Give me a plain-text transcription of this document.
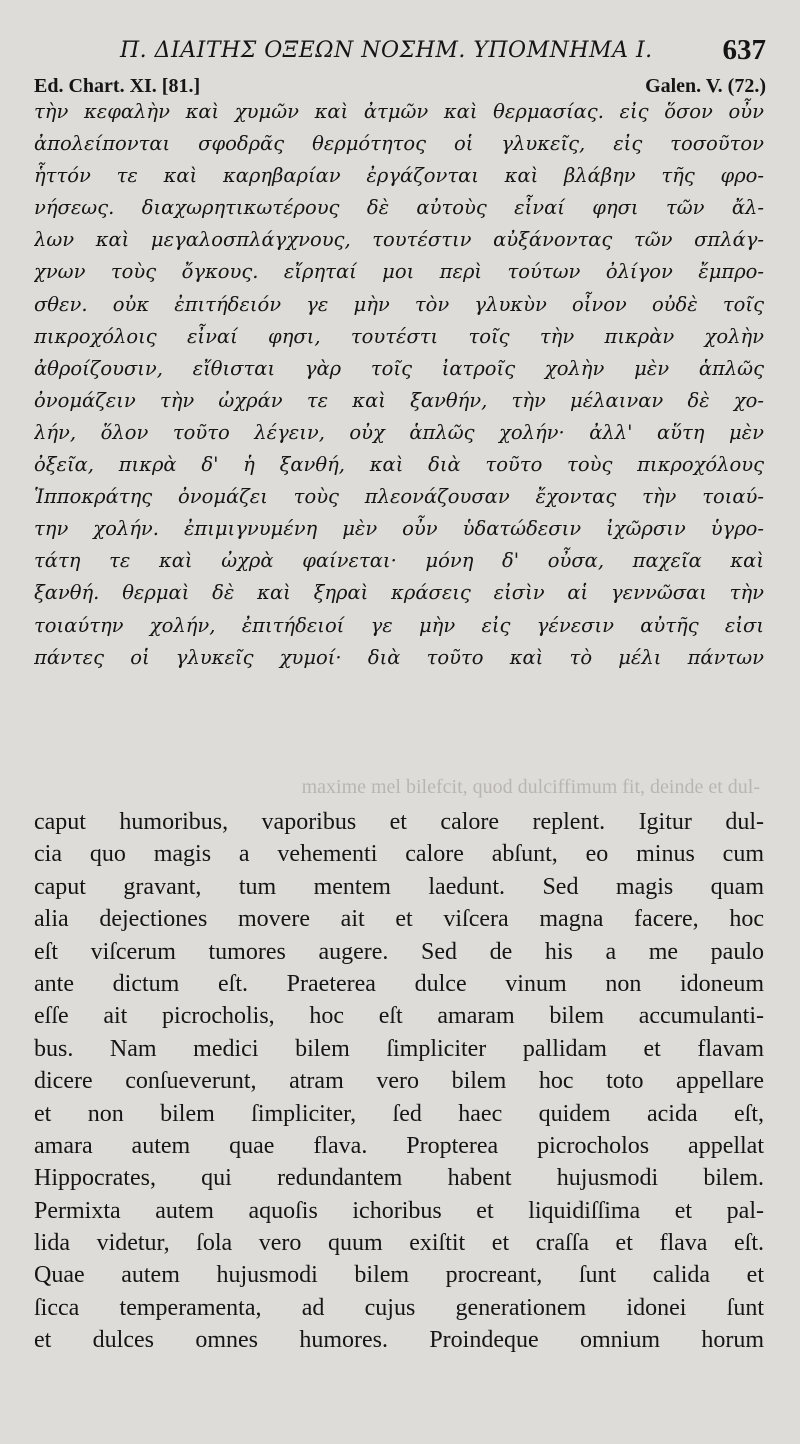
Π. ΔΙΑΙΤΗΣ ΟΞΕΩΝ ΝΟΣΗΜ. ΥΠΟΜΝΗΜΑ Ι. 637
Ed. Chart. XI. [81.]	Galen. V. (72.)
τὴν κεφαλὴν καὶ χυμῶν καὶ ἀτμῶν καὶ θερμασίας. εἰς ὅσον οὖν
ἀπολείπονται σφοδρᾶς θερμότητος οἱ γλυκεῖς, εἰς τοσοῦτον
ἧττόν τε καὶ καρηβαρίαν ἐργάζονται καὶ βλάβην τῆς φρο-
νήσεως. διαχωρητικωτέρους δὲ αὐτοὺς εἶναί φησι τῶν ἄλ-
λων καὶ μεγαλοσπλάγχνους, τουτέστιν αὐξάνοντας τῶν σπλάγ-
χνων τοὺς ὄγκους. εἴρηταί μοι περὶ τούτων ὀλίγον ἔμπρο-
σθεν. οὐκ ἐπιτήδειόν γε μὴν τὸν γλυκὺν οἶνον οὐδὲ τοῖς
πικροχόλοις εἶναί φησι, τουτέστι τοῖς τὴν πικρὰν χολὴν
ἀθροίζουσιν, εἴθισται γὰρ τοῖς ἰατροῖς χολὴν μὲν ἁπλῶς
ὀνομάζειν τὴν ὠχράν τε καὶ ξανθήν, τὴν μέλαιναν δὲ χο-
λήν, ὅλον τοῦτο λέγειν, οὐχ ἁπλῶς χολήν· ἀλλ' αὕτη μὲν
ὀξεῖα, πικρὰ δ' ἡ ξανθή, καὶ διὰ τοῦτο τοὺς πικροχόλους
Ἱπποκράτης ὀνομάζει τοὺς πλεονάζουσαν ἔχοντας τὴν τοιαύ-
την χολήν. ἐπιμιγνυμένη μὲν οὖν ὑδατώδεσιν ἰχῶρσιν ὑγρο-
τάτη τε καὶ ὠχρὰ φαίνεται· μόνη δ' οὖσα, παχεῖα καὶ
ξανθή. θερμαὶ δὲ καὶ ξηραὶ κράσεις εἰσὶν αἱ γεννῶσαι τὴν
τοιαύτην χολήν, ἐπιτήδειοί γε μὴν εἰς γένεσιν αὐτῆς εἰσι
πάντες οἱ γλυκεῖς χυμοί· διὰ τοῦτο καὶ τὸ μέλι πάντων
maxime mel bilefcit, quod dulciffimum fit, deinde et dul-
caput humoribus, vaporibus et calore replent. Igitur dul-
cia quo magis a vehementi calore abſunt, eo minus cum
caput gravant, tum mentem laedunt. Sed magis quam
alia dejectiones movere ait et viſcera magna facere, hoc
eſt viſcerum tumores augere. Sed de his a me paulo
ante dictum eſt. Praeterea dulce vinum non idoneum
eſſe ait picrocholis, hoc eſt amaram bilem accumulanti-
bus. Nam medici bilem ſimpliciter pallidam et flavam
dicere conſueverunt, atram vero bilem hoc toto appellare
et non bilem ſimpliciter, ſed haec quidem acida eſt,
amara autem quae flava. Propterea picrocholos appellat
Hippocrates, qui redundantem habent hujusmodi bilem.
Permixta autem aquoſis ichoribus et liquidiſſima et pal-
lida videtur, ſola vero quum exiſtit et craſſa et flava eſt.
Quae autem hujusmodi bilem procreant, ſunt calida et
ſicca temperamenta, ad cujus generationem idonei ſunt
et dulces omnes humores. Proindeque omnium horum
